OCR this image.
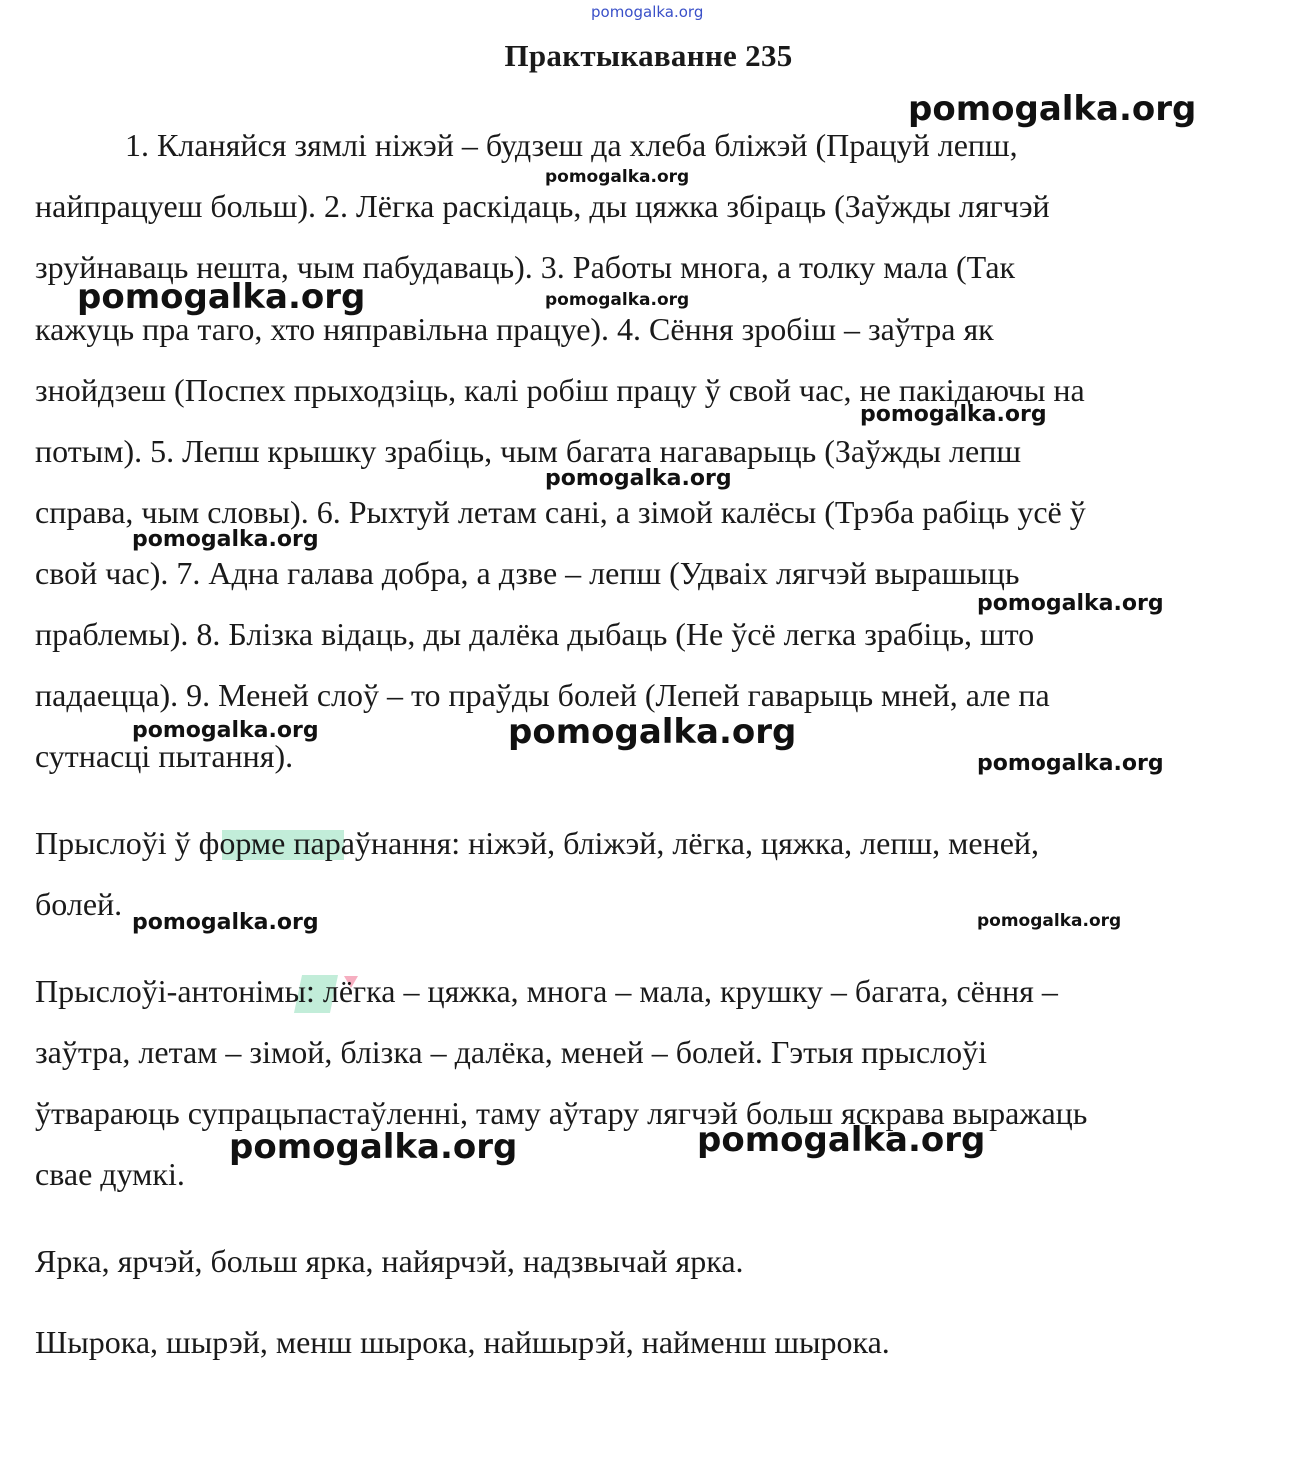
pomogalka.org
Практыкаванне 235
1. Кланяйся зямлі ніжэй – будзеш да хлеба бліжэй (Працуй лепш,
найпрацуеш больш). 2. Лёгка раскідаць, ды цяжка збіраць (Заўжды лягчэй
зруйнаваць нешта, чым пабудаваць). 3. Работы многа, а толку мала (Так
кажуць пра таго, хто няправільна працуе). 4. Сёння зробіш – заўтра як
знойдзеш (Поспех прыходзіць, калі робіш працу ў свой час, не пакідаючы на
потым). 5. Лепш крышку зрабіць, чым багата нагаварыць (Заўжды лепш
справа, чым словы). 6. Рыхтуй летам сані, а зімой калёсы (Трэба рабіць усё ў
свой час). 7. Адна галава добра, а дзве – лепш (Удваіх лягчэй вырашыць
праблемы). 8. Блізка відаць, ды далёка дыбаць (Не ўсё легка зрабіць, што
падаецца). 9. Меней слоў – то праўды болей (Лепей гаварыць мней, але па
сутнасці пытання).
Прыслоўі ў форме параўнання: ніжэй, бліжэй, лёгка, цяжка, лепш, меней,
болей.
Прыслоўі-антонімы: лёгка – цяжка, многа – мала, крушку – багата, сёння –
заўтра, летам – зімой, блізка – далёка, меней – болей. Гэтыя прыслоўі
ўтвараюць супрацьпастаўленні, таму аўтару лягчэй больш яскрава выражаць
свае думкі.
Ярка, ярчэй, больш ярка, найярчэй, надзвычай ярка.
Шырока, шырэй, менш шырока, найшырэй, найменш шырока.
pomogalka.org
pomogalka.org
pomogalka.org	pomogalka.org
pomogalka.org
pomogalka.org
pomogalka.org
pomogalka.org
pomogalka.org	pomogalka.org
pomogalka.org
pomogalka.org	pomogalka.org
pomogalka.org	pomogalka.org
